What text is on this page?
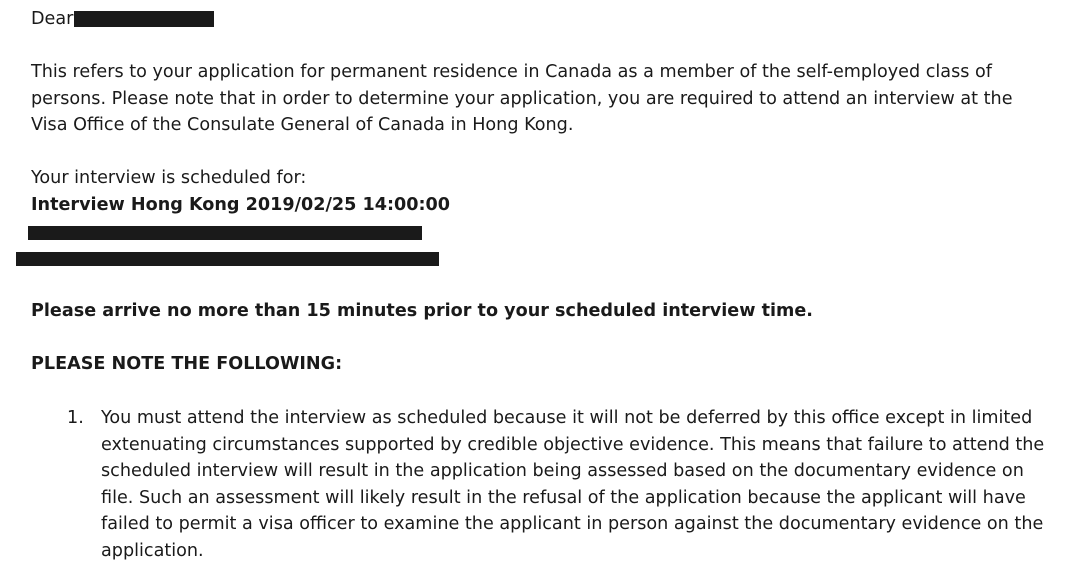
Dear
This refers to your application for permanent residence in Canada as a member of the self-employed class of
persons. Please note that in order to determine your application, you are required to attend an interview at the
Visa Office of the Consulate General of Canada in Hong Kong.
Your interview is scheduled for:
Interview Hong Kong 2019/02/25 14:00:00
Please arrive no more than 15 minutes prior to your scheduled interview time.
PLEASE NOTE THE FOLLOWING:
1. You must attend the interview as scheduled because it will not be deferred by this office except in limited
extenuating circumstances supported by credible objective evidence. This means that failure to attend the
scheduled interview will result in the application being assessed based on the documentary evidence on
file. Such an assessment will likely result in the refusal of the application because the applicant will have
failed to permit a visa officer to examine the applicant in person against the documentary evidence on the
application.
